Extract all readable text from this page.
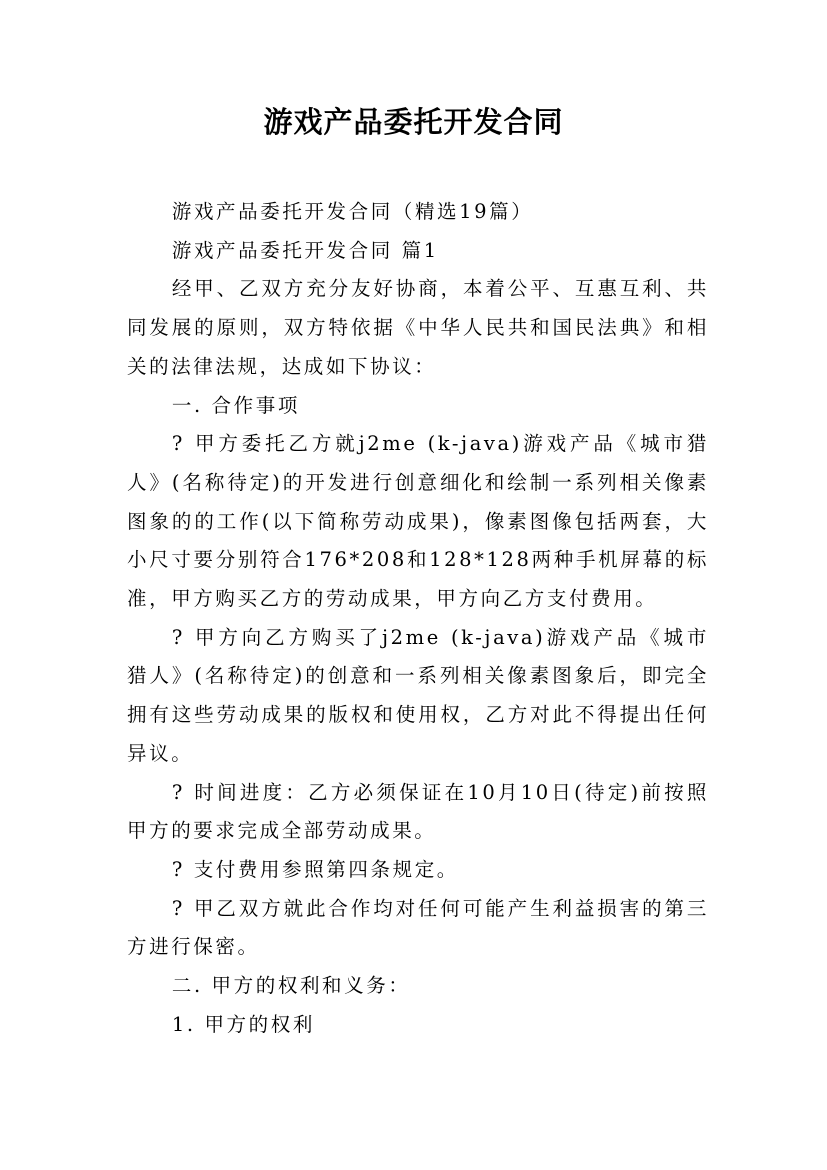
游戏产品委托开发合同

游戏产品委托开发合同（精选19篇）

游戏产品委托开发合同 篇1

经甲、乙双方充分友好协商，本着公平、互惠互利、共同发展的原则，双方特依据《中华人民共和国民法典》和相关的法律法规，达成如下协议：

一. 合作事项

? 甲方委托乙方就j2me (k-java)游戏产品《城市猎人》(名称待定)的开发进行创意细化和绘制一系列相关像素图象的的工作(以下简称劳动成果)，像素图像包括两套，大小尺寸要分别符合176*208和128*128两种手机屏幕的标准，甲方购买乙方的劳动成果，甲方向乙方支付费用。

? 甲方向乙方购买了j2me (k-java)游戏产品《城市猎人》(名称待定)的创意和一系列相关像素图象后，即完全拥有这些劳动成果的版权和使用权，乙方对此不得提出任何异议。

? 时间进度：乙方必须保证在10月10日(待定)前按照甲方的要求完成全部劳动成果。

? 支付费用参照第四条规定。

? 甲乙双方就此合作均对任何可能产生利益损害的第三方进行保密。

二. 甲方的权利和义务：

1. 甲方的权利
